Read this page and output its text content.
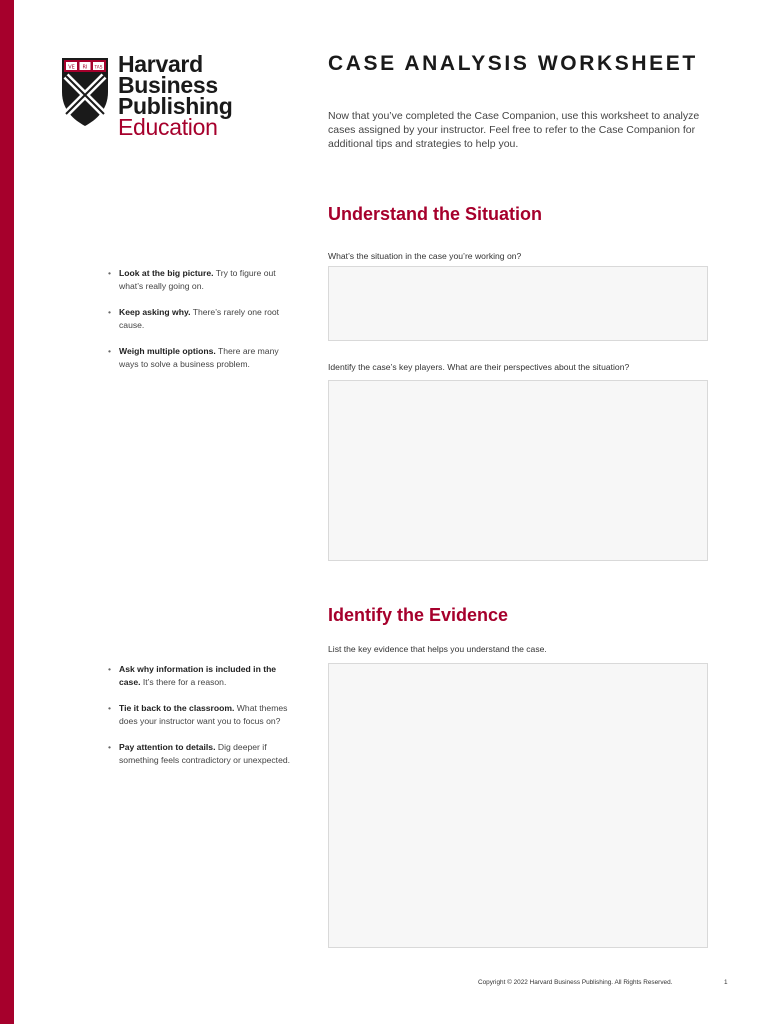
VE RI TAS Harvard
Business
Publishing
Education
CASE ANALYSIS WORKSHEET

Now that you’ve completed the Case Companion, use this worksheet to analyze cases assigned by your instructor. Feel free to refer to the Case Companion for additional tips and strategies to help you.

Understand the Situation

What’s the situation in the case you’re working on?

Identify the case’s key players. What are their perspectives about the situation?

• Look at the big picture. Try to figure out what’s really going on.
• Keep asking why. There’s rarely one root cause.
• Weigh multiple options. There are many ways to solve a business problem.
Identify the Evidence

List the key evidence that helps you understand the case.

• Ask why information is included in the case. It’s there for a reason.
• Tie it back to the classroom. What themes does your instructor want you to focus on?
• Pay attention to details. Dig deeper if something feels contradictory or unexpected.
Copyright © 2022 Harvard Business Publishing. All Rights Reserved.	1
